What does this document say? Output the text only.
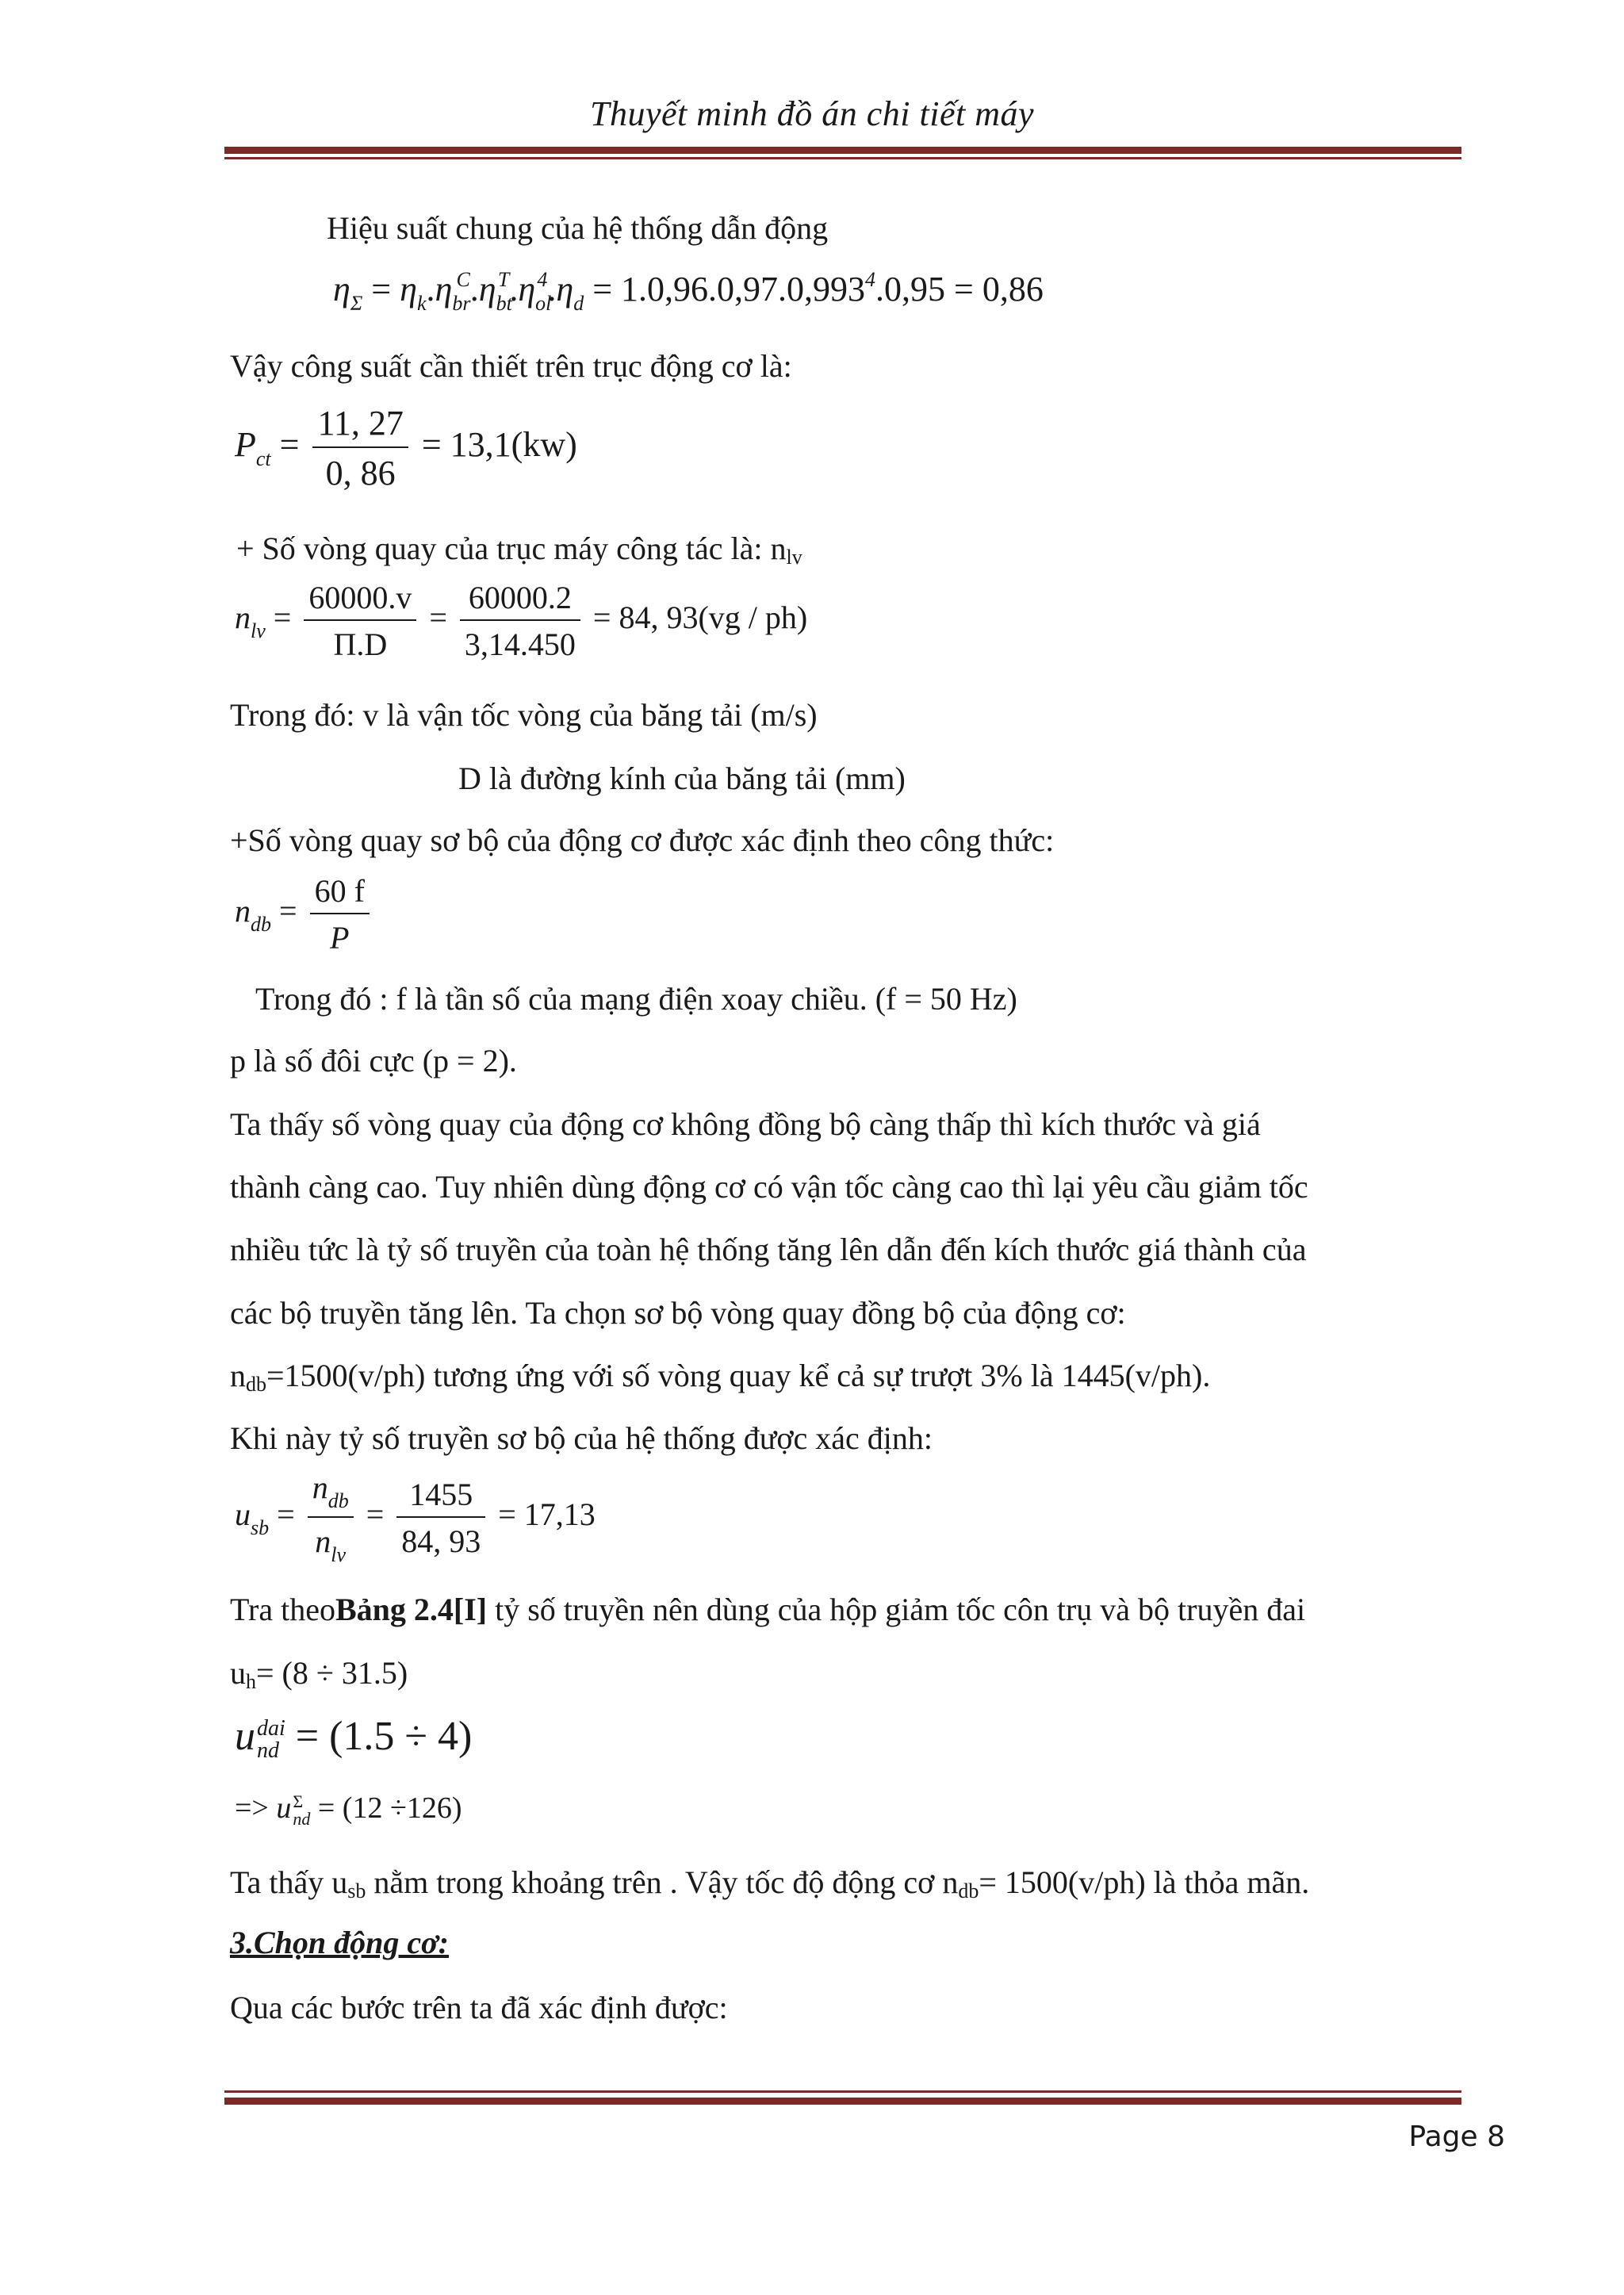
Thuyết minh đồ án chi tiết máy
Hiệu suất chung của hệ thống dẫn động
$\eta_\Sigma = \eta_k.\eta_{br}^C.\eta_{bt}^T.\eta_{ol}^4.\eta_d = 1.0,96.0,97.0,993^4.0,95 = 0,86$
Vậy công suất cần thiết trên trục động cơ là:
$P_{ct} = \frac{11, 27}{0, 86} = 13,1(kw)$
+ Số vòng quay của trục máy công tác là: nlv
$n_{lv} = \frac{60000.v}{\Pi.D} = \frac{60000.2}{3,14.450} = 84$, 93(vg / ph)
Trong đó: v là vận tốc vòng của băng tải (m/s)
D là đường kính của băng tải (mm)
+Số vòng quay sơ bộ của động cơ được xác định theo công thức:
$n_{db} = \frac{60 f}{P}$
Trong đó : f là tần số của mạng điện xoay chiều. (f = 50 Hz)
p là số đôi cực (p = 2).
Ta thấy số vòng quay của động cơ không đồng bộ càng thấp thì kích thước và giá
thành càng cao. Tuy nhiên dùng động cơ có vận tốc càng cao thì lại yêu cầu giảm tốc
nhiều tức là tỷ số truyền của toàn hệ thống tăng lên dẫn đến kích thước giá thành của
các bộ truyền tăng lên. Ta chọn sơ bộ vòng quay đồng bộ của động cơ:
ndb=1500(v/ph) tương ứng với số vòng quay kể cả sự trượt 3% là 1445(v/ph).
Khi này tỷ số truyền sơ bộ của hệ thống được xác định:
$u_{sb} = \frac{n_{db}}{n_{lv}} = \frac{1455}{84, 93} = 17,13$
Tra theoBảng 2.4[I] tỷ số truyền nên dùng của hộp giảm tốc côn trụ và bộ truyền đai
uh= (8 ÷ 31.5)
u dai
nd = (1.5 ÷ 4)
=> u Σ
nd = (12 ÷126)
Ta thấy usb nằm trong khoảng trên . Vậy tốc độ động cơ ndb= 1500(v/ph) là thỏa mãn.
3.Chọn động cơ:
Qua các bước trên ta đã xác định được:
Page 8
